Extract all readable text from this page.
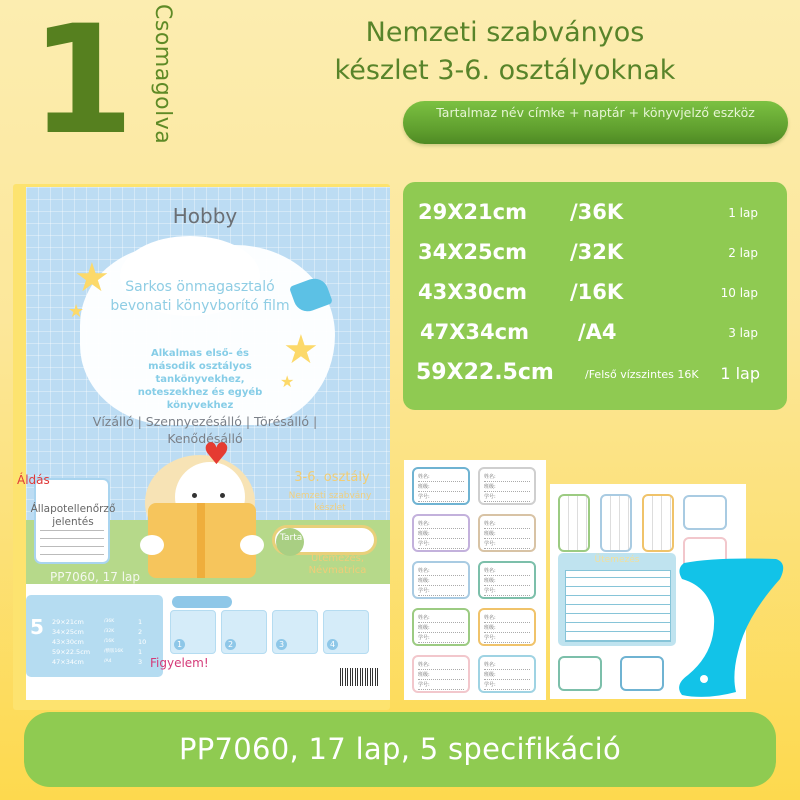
1 Csomagolva	Nemzeti szabványos
készlet 3-6. osztályoknak
Tartalmaz név címke + naptár + könyvjelző eszköz
Hobby
★
★
★
★
Sarkos önmagasztaló bevonati könyvborító film
Alkalmas első- és második osztályos tankönyvekhez, noteszekhez és egyéb könyvekhez
Vízálló | Szennyezésálló | Törésálló | Kenődésálló
Áldás
Állapotellenőrző jelentés
PP7060, 17 lap
♥
3-6. osztály
Nemzeti szabvány készlet
Tarta
Ütemezés, Névmatrica
5 29×21cm	/36K	1
34×25cm	/32K	2
43×30cm	/16K	10
59×22.5cm	/横版16K	1
47×34cm	/A4	3 Figyelem!
1	2	3	4
29X21cm /36K	1 lap
34X25cm /32K	2 lap
43X30cm /16K	10 lap
47X34cm /A4	3 lap
59X22.5cm	/Felső vízszintes 16K 1 lap
姓名:
班级:
学号:
姓名:
班级:
学号:
姓名:
班级:
学号:
姓名:
班级:
学号:
姓名:
班级:
学号:
姓名:
班级:
学号:
姓名:
班级:
学号:
姓名:
班级:
学号:
姓名:
班级:
学号:
姓名:
班级:
学号:
Ütemezés
PP7060, 17 lap, 5 specifikáció
